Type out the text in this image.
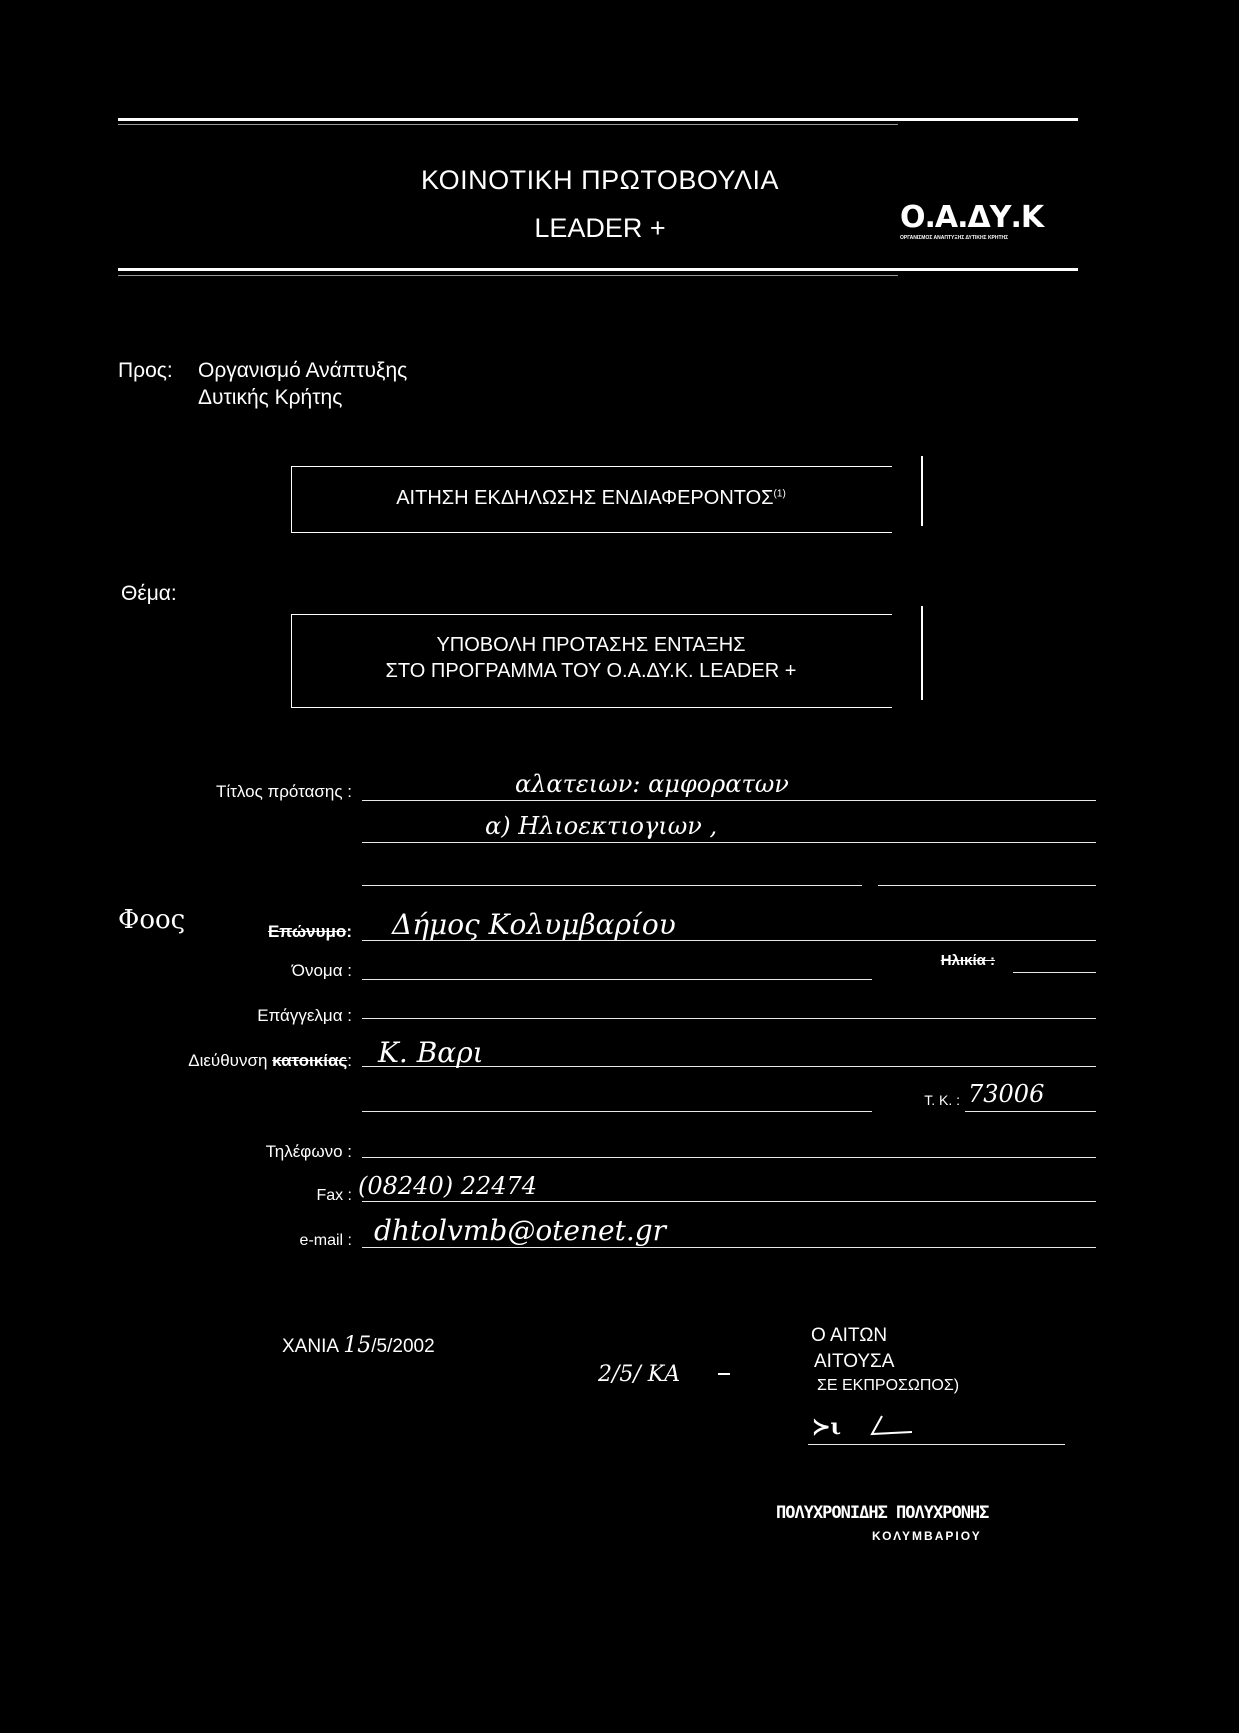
ΚΟΙΝΟΤΙΚΗ ΠΡΩΤΟΒΟΥΛΙΑ
LEADER +	Ο.Α.ΔΥ.Κ
ΟΡΓΑΝΙΣΜΟΣ ΑΝΑΠΤΥΞΗΣ ΔΥΤΙΚΗΣ ΚΡΗΤΗΣ
Προς: Οργανισμό Ανάπτυξης
Δυτικής Κρήτης
ΑΙΤΗΣΗ ΕΚΔΗΛΩΣΗΣ ΕΝΔΙΑΦΕΡΟΝΤΟΣ$^{(1)}$
Θέμα:
ΥΠΟΒΟΛΗ ΠΡΟΤΑΣΗΣ ΕΝΤΑΞΗΣ
ΣΤΟ ΠΡΟΓΡΑΜΜΑ ΤΟΥ Ο.Α.ΔΥ.Κ. LEADER +
Τίτλος πρότασης :	αλατειων: αμφορατων
α) Ηλιοεκτιογιων ,
Φοος	Επώνυμο: Δήμος Κολυμβαρίου
Όνομα :
Ηλικία :
Επάγγελμα :
Διεύθυνση κατοικίας: Κ. Βαρι
Τ. Κ. : 73006
Τηλέφωνο :
Fax : (08240) 22474
e-mail : dhtolvmb@otenet.gr
ΧΑΝΙΑ 15/5/2002
2/5/​ ΚΑ
Ο ΑΙΤΩΝ
ΑΙΤΟΥΣΑ
ΣΕ ΕΚΠΡΟΣΩΠΟΣ)
≻ι
ΠΟΛΥΧΡΟΝΙΔΗΣ ΠΟΛΥΧΡΟΝΗΣ
ΚΟΛΥΜΒΑΡΙΟΥ
